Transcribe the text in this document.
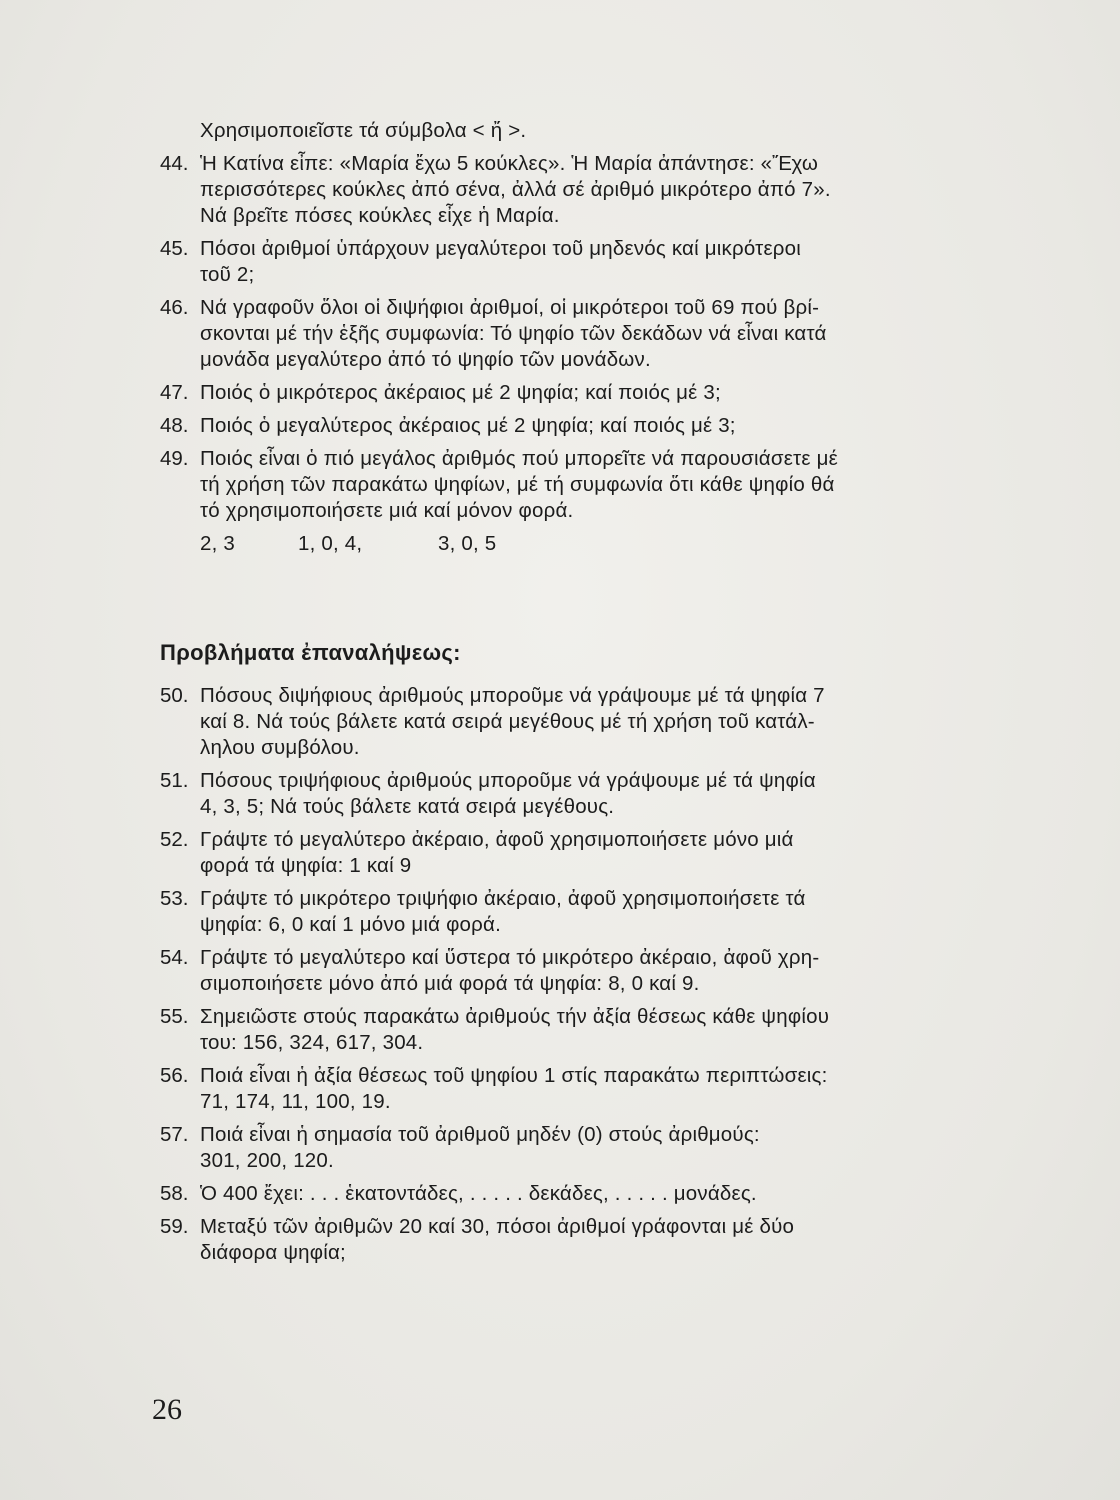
Χρησιμοποιεῖστε τά σύμβολα < ἤ >.
44. Ἡ Κατίνα εἶπε: «Μαρία ἔχω 5 κούκλες». Ἡ Μαρία ἀπάντησε: «Ἔχω
περισσότερες κούκλες ἀπό σένα, ἀλλά σέ ἀριθμό μικρότερο ἀπό 7».
Νά βρεῖτε πόσες κούκλες εἶχε ἡ Μαρία.
45. Πόσοι ἀριθμοί ὑπάρχουν μεγαλύτεροι τοῦ μηδενός καί μικρότεροι
τοῦ 2;
46. Νά γραφοῦν ὅλοι οἱ διψήφιοι ἀριθμοί, οἱ μικρότεροι τοῦ 69 πού βρί-
σκονται μέ τήν ἑξῆς συμφωνία: Τό ψηφίο τῶν δεκάδων νά εἶναι κατά
μονάδα μεγαλύτερο ἀπό τό ψηφίο τῶν μονάδων.
47. Ποιός ὁ μικρότερος ἀκέραιος μέ 2 ψηφία; καί ποιός μέ 3;
48. Ποιός ὁ μεγαλύτερος ἀκέραιος μέ 2 ψηφία; καί ποιός μέ 3;
49. Ποιός εἶναι ὁ πιό μεγάλος ἀριθμός πού μπορεῖτε νά παρουσιάσετε μέ
τή χρήση τῶν παρακάτω ψηφίων, μέ τή συμφωνία ὅτι κάθε ψηφίο θά
τό χρησιμοποιήσετε μιά καί μόνον φορά.
2, 3	1, 0, 4,	3, 0, 5
Προβλήματα ἐπαναλήψεως:
50. Πόσους διψήφιους ἀριθμούς μποροῦμε νά γράψουμε μέ τά ψηφία 7
καί 8. Νά τούς βάλετε κατά σειρά μεγέθους μέ τή χρήση τοῦ κατάλ-
ληλου συμβόλου.
51. Πόσους τριψήφιους ἀριθμούς μποροῦμε νά γράψουμε μέ τά ψηφία
4, 3, 5; Νά τούς βάλετε κατά σειρά μεγέθους.
52. Γράψτε τό μεγαλύτερο ἀκέραιο, ἀφοῦ χρησιμοποιήσετε μόνο μιά
φορά τά ψηφία: 1 καί 9
53. Γράψτε τό μικρότερο τριψήφιο ἀκέραιο, ἀφοῦ χρησιμοποιήσετε τά
ψηφία: 6, 0 καί 1 μόνο μιά φορά.
54. Γράψτε τό μεγαλύτερο καί ὕστερα τό μικρότερο ἀκέραιο, ἀφοῦ χρη-
σιμοποιήσετε μόνο ἀπό μιά φορά τά ψηφία: 8, 0 καί 9.
55. Σημειῶστε στούς παρακάτω ἀριθμούς τήν ἀξία θέσεως κάθε ψηφίου
του: 156, 324, 617, 304.
56. Ποιά εἶναι ἡ ἀξία θέσεως τοῦ ψηφίου 1 στίς παρακάτω περιπτώσεις:
71, 174, 11, 100, 19.
57. Ποιά εἶναι ἡ σημασία τοῦ ἀριθμοῦ μηδέν (0) στούς ἀριθμούς:
301, 200, 120.
58. Ὁ 400 ἔχει: . . . ἑκατοντάδες, . . . . . δεκάδες, . . . . . μονάδες.
59. Μεταξύ τῶν ἀριθμῶν 20 καί 30, πόσοι ἀριθμοί γράφονται μέ δύο
διάφορα ψηφία;
26
